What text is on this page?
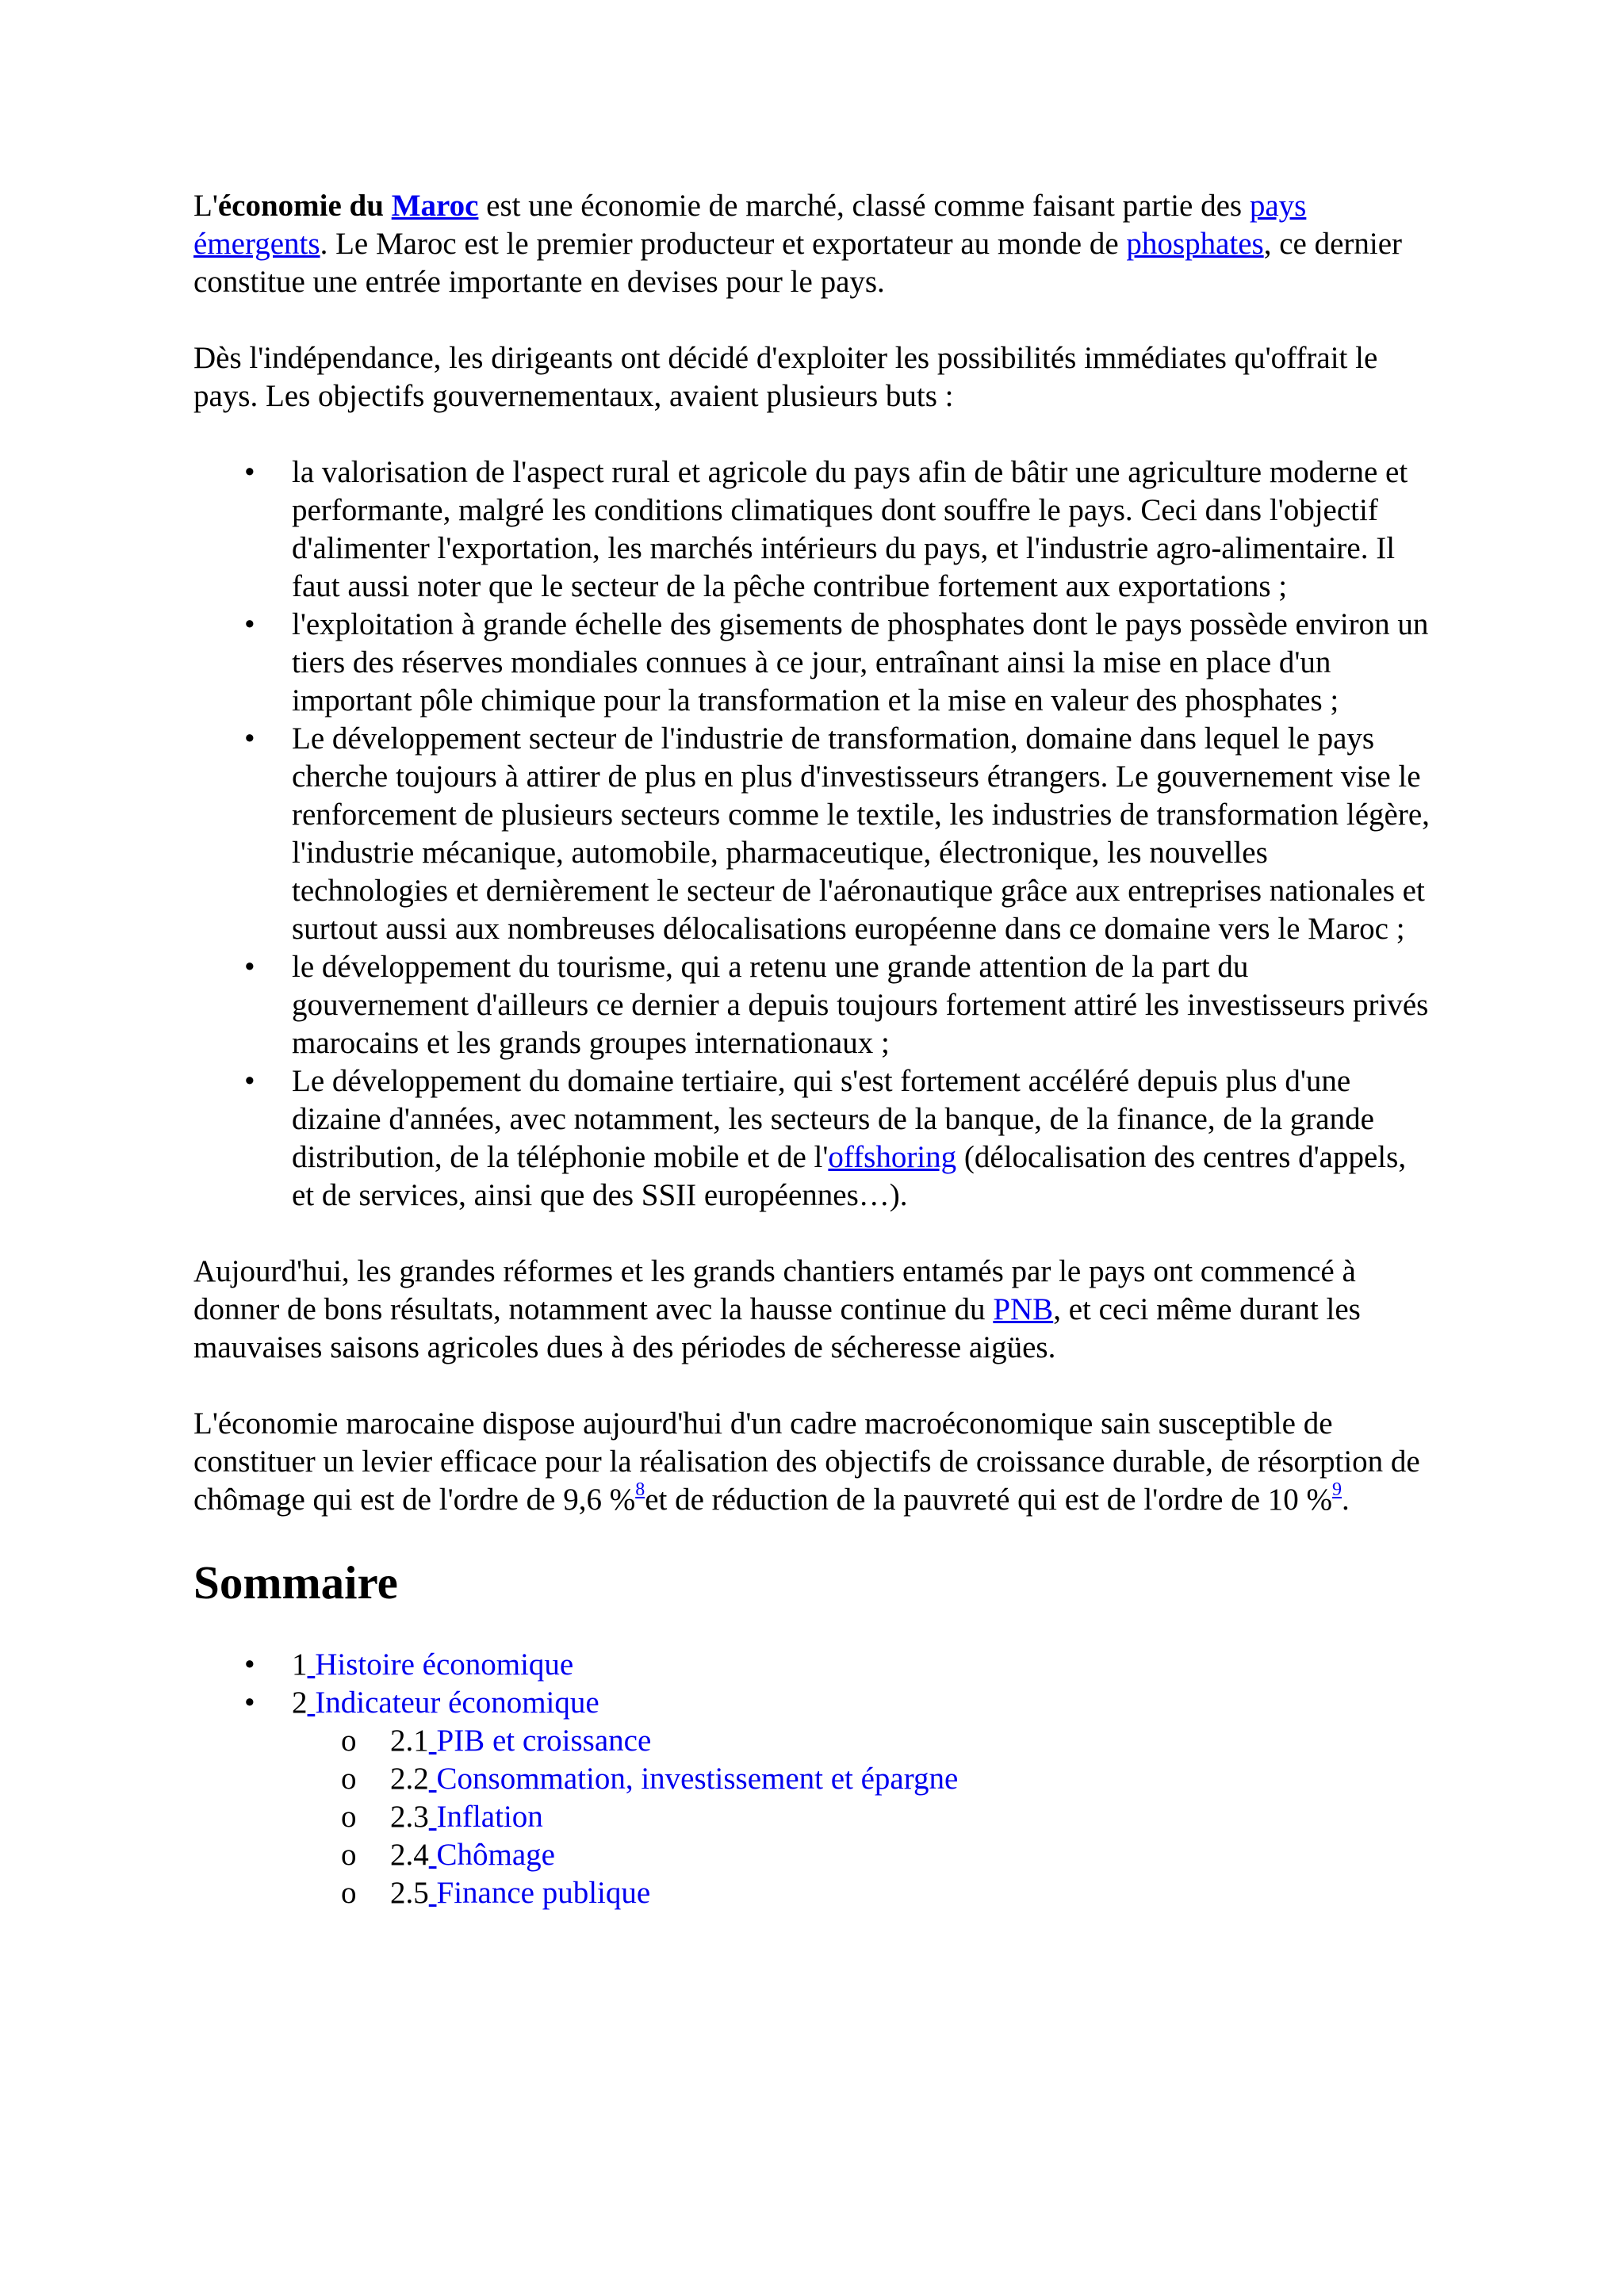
L'économie du Maroc est une économie de marché, classé comme faisant partie des pays émergents. Le Maroc est le premier producteur et exportateur au monde de phosphates, ce dernier constitue une entrée importante en devises pour le pays.

Dès l'indépendance, les dirigeants ont décidé d'exploiter les possibilités immédiates qu'offrait le pays. Les objectifs gouvernementaux, avaient plusieurs buts :

• la valorisation de l'aspect rural et agricole du pays afin de bâtir une agriculture moderne et performante, malgré les conditions climatiques dont souffre le pays. Ceci dans l'objectif d'alimenter l'exportation, les marchés intérieurs du pays, et l'industrie agro-alimentaire. Il faut aussi noter que le secteur de la pêche contribue fortement aux exportations ;
• l'exploitation à grande échelle des gisements de phosphates dont le pays possède environ un tiers des réserves mondiales connues à ce jour, entraînant ainsi la mise en place d'un important pôle chimique pour la transformation et la mise en valeur des phosphates ;
• Le développement secteur de l'industrie de transformation, domaine dans lequel le pays cherche toujours à attirer de plus en plus d'investisseurs étrangers. Le gouvernement vise le renforcement de plusieurs secteurs comme le textile, les industries de transformation légère, l'industrie mécanique, automobile, pharmaceutique, électronique, les nouvelles technologies et dernièrement le secteur de l'aéronautique grâce aux entreprises nationales et surtout aussi aux nombreuses délocalisations européenne dans ce domaine vers le Maroc ;
• le développement du tourisme, qui a retenu une grande attention de la part du gouvernement d'ailleurs ce dernier a depuis toujours fortement attiré les investisseurs privés marocains et les grands groupes internationaux ;
• Le développement du domaine tertiaire, qui s'est fortement accéléré depuis plus d'une dizaine d'années, avec notamment, les secteurs de la banque, de la finance, de la grande distribution, de la téléphonie mobile et de l'offshoring (délocalisation des centres d'appels, et de services, ainsi que des SSII européennes…).

Aujourd'hui, les grandes réformes et les grands chantiers entamés par le pays ont commencé à donner de bons résultats, notamment avec la hausse continue du PNB, et ceci même durant les mauvaises saisons agricoles dues à des périodes de sécheresse aigües.

L'économie marocaine dispose aujourd'hui d'un cadre macroéconomique sain susceptible de constituer un levier efficace pour la réalisation des objectifs de croissance durable, de résorption de chômage qui est de l'ordre de 9,6 %$^8$et de réduction de la pauvreté qui est de l'ordre de 10 %$^9$.

Sommaire
• 1 Histoire économique
• 2 Indicateur économique
o 2.1 PIB et croissance
o 2.2 Consommation, investissement et épargne
o 2.3 Inflation
o 2.4 Chômage
o 2.5 Finance publique
